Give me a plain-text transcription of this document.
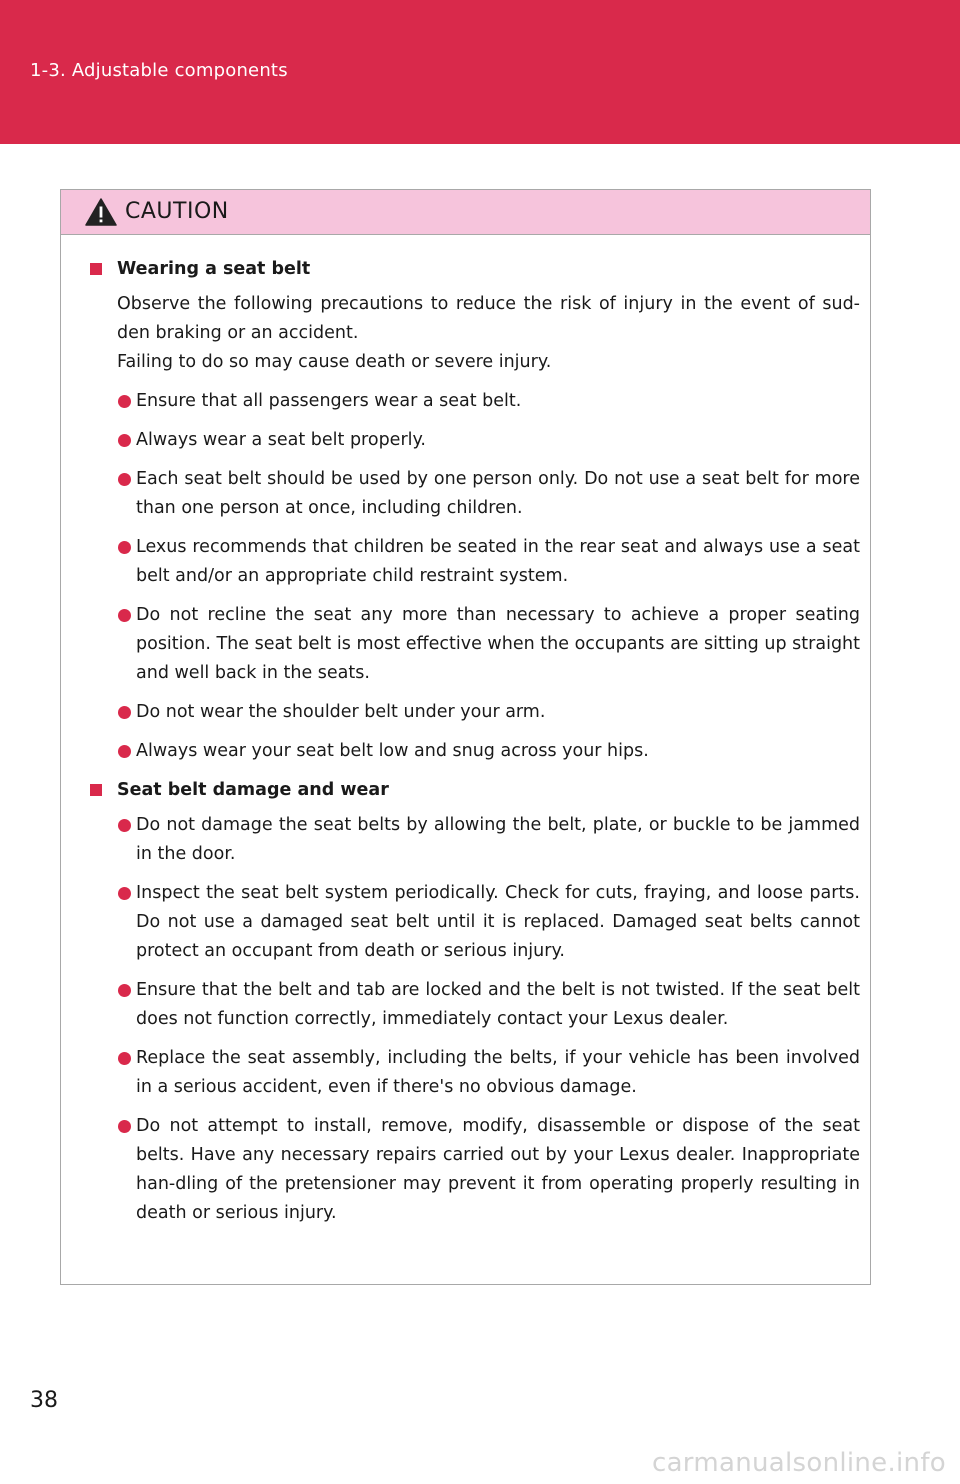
1-3. Adjustable components
CAUTION
Wearing a seat belt
Observe the following precautions to reduce the risk of injury in the event of sud-den braking or an accident.
Failing to do so may cause death or severe injury.
Ensure that all passengers wear a seat belt.
Always wear a seat belt properly.
Each seat belt should be used by one person only. Do not use a seat belt for more than one person at once, including children.
Lexus recommends that children be seated in the rear seat and always use a seat belt and/or an appropriate child restraint system.
Do not recline the seat any more than necessary to achieve a proper seating position. The seat belt is most effective when the occupants are sitting up straight and well back in the seats.
Do not wear the shoulder belt under your arm.
Always wear your seat belt low and snug across your hips.
Seat belt damage and wear
Do not damage the seat belts by allowing the belt, plate, or buckle to be jammed in the door.
Inspect the seat belt system periodically. Check for cuts, fraying, and loose parts. Do not use a damaged seat belt until it is replaced. Damaged seat belts cannot protect an occupant from death or serious injury.
Ensure that the belt and tab are locked and the belt is not twisted. If the seat belt does not function correctly, immediately contact your Lexus dealer.
Replace the seat assembly, including the belts, if your vehicle has been involved in a serious accident, even if there's no obvious damage.
Do not attempt to install, remove, modify, disassemble or dispose of the seat belts. Have any necessary repairs carried out by your Lexus dealer. Inappropriate han-dling of the pretensioner may prevent it from operating properly resulting in death or serious injury.
38
carmanualsonline.info
